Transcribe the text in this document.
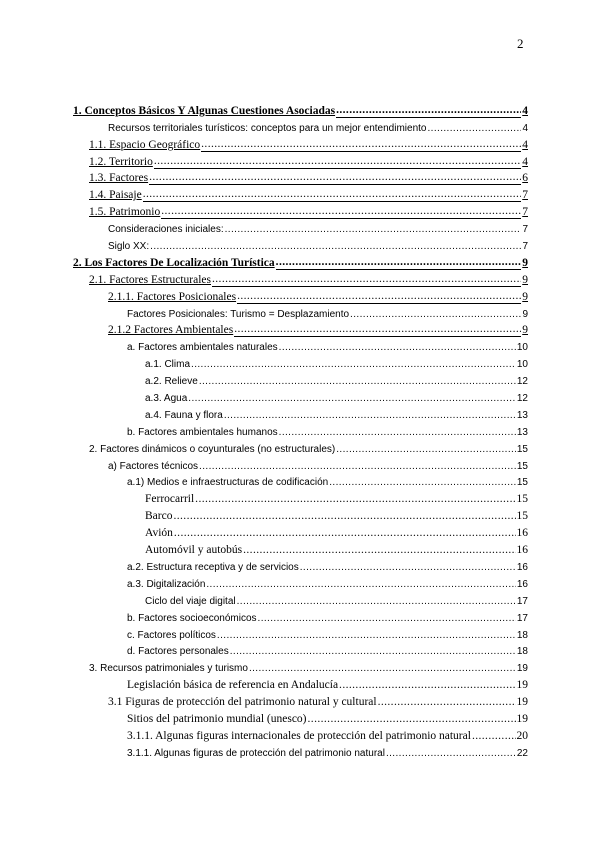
2
1. Conceptos Básicos Y Algunas Cuestiones Asociadas .....	4
Recursos territoriales turísticos: conceptos para un mejor entendimiento .....	4
1.1. Espacio Geográfico .....	4
1.2. Territorio .....	4
1.3. Factores .....	6
1.4. Paisaje .....	7
1.5. Patrimonio .....	7
Consideraciones iniciales: .....	7
Siglo XX: .....	7
2. Los Factores De Localización Turística .....	9
2.1. Factores Estructurales .....	9
2.1.1. Factores Posicionales .....	9
Factores Posicionales: Turismo = Desplazamiento .....	9
2.1.2 Factores Ambientales .....	9
a. Factores ambientales naturales .....	10
a.1. Clima .....	10
a.2. Relieve .....	12
a.3. Agua .....	12
a.4. Fauna y flora .....	13
b. Factores ambientales humanos .....	13
2. Factores dinámicos o coyunturales (no estructurales) .....	15
a) Factores técnicos .....	15
a.1) Medios e infraestructuras de codificación .....	15
Ferrocarril .....	15
Barco .....	15
Avión .....	16
Automóvil y autobús .....	16
a.2. Estructura receptiva y de servicios .....	16
a.3. Digitalización .....	16
Ciclo del viaje digital .....	17
b. Factores socioeconómicos .....	17
c. Factores políticos .....	18
d. Factores personales .....	18
3. Recursos patrimoniales y turismo .....	19
Legislación básica de referencia en Andalucía .....	19
3.1 Figuras de protección del patrimonio natural y cultural .....	19
Sitios del patrimonio mundial (unesco) .....	19
3.1.1. Algunas figuras internacionales de protección del patrimonio natural .....	20
3.1.1. Algunas figuras de protección del patrimonio natural .....	22
